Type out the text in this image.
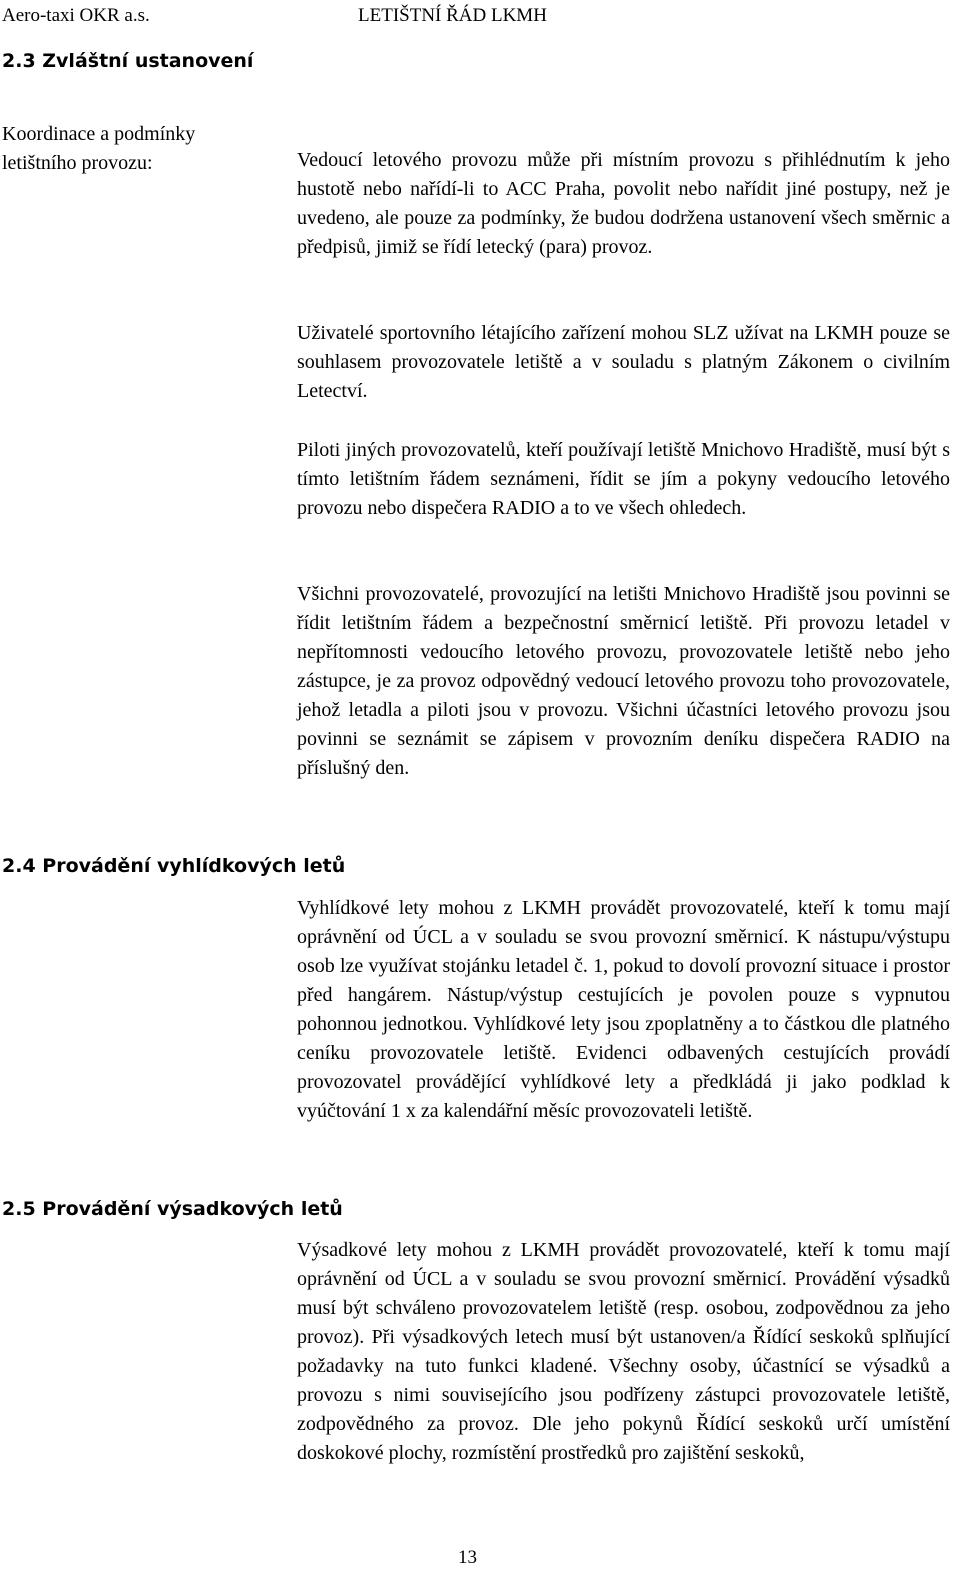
Aero-taxi OKR a.s.	LETIŠTNÍ ŘÁD LKMH
2.3 Zvláštní ustanovení
Koordinace a podmínky
letištního provozu:	Vedoucí letového provozu může při místním provozu s přihlédnutím k jeho hustotě nebo nařídí-li to ACC Praha, povolit nebo nařídit jiné postupy, než je uvedeno, ale pouze za podmínky, že budou dodržena ustanovení všech směrnic a předpisů, jimiž se řídí letecký (para) provoz.
Uživatelé sportovního létajícího zařízení mohou SLZ užívat na LKMH pouze se souhlasem provozovatele letiště a v souladu s platným Zákonem o civilním Letectví.
Piloti jiných provozovatelů, kteří používají letiště Mnichovo Hradiště, musí být s tímto letištním řádem seznámeni, řídit se jím a pokyny vedoucího letového provozu nebo dispečera RADIO a to ve všech ohledech.
Všichni provozovatelé, provozující na letišti Mnichovo Hradiště jsou povinni se řídit letištním řádem a bezpečnostní směrnicí letiště. Při provozu letadel v nepřítomnosti vedoucího letového provozu, provozovatele letiště nebo jeho zástupce, je za provoz odpovědný vedoucí letového provozu toho provozovatele, jehož letadla a piloti jsou v provozu. Všichni účastníci letového provozu jsou povinni se seznámit se zápisem v provozním deníku dispečera RADIO na příslušný den.
2.4 Provádění vyhlídkových letů
Vyhlídkové lety mohou z LKMH provádět provozovatelé, kteří k tomu mají oprávnění od ÚCL a v souladu se svou provozní směrnicí. K nástupu/výstupu osob lze využívat stojánku letadel č. 1, pokud to dovolí provozní situace i prostor před hangárem. Nástup/výstup cestujících je povolen pouze s vypnutou pohonnou jednotkou. Vyhlídkové lety jsou zpoplatněny a to částkou dle platného ceníku provozovatele letiště. Evidenci odbavených cestujících provádí provozovatel provádějící vyhlídkové lety a předkládá ji jako podklad k vyúčtování 1 x za kalendářní měsíc provozovateli letiště.
2.5 Provádění výsadkových letů
Výsadkové lety mohou z LKMH provádět provozovatelé, kteří k tomu mají oprávnění od ÚCL a v souladu se svou provozní směrnicí. Provádění výsadků musí být schváleno provozovatelem letiště (resp. osobou, zodpovědnou za jeho provoz). Při výsadkových letech musí být ustanoven/a Řídící seskoků splňující požadavky na tuto funkci kladené. Všechny osoby, účastnící se výsadků a provozu s nimi souvisejícího jsou podřízeny zástupci provozovatele letiště, zodpovědného za provoz. Dle jeho pokynů Řídící seskoků určí umístění doskokové plochy, rozmístění prostředků pro zajištění seskoků,
13
